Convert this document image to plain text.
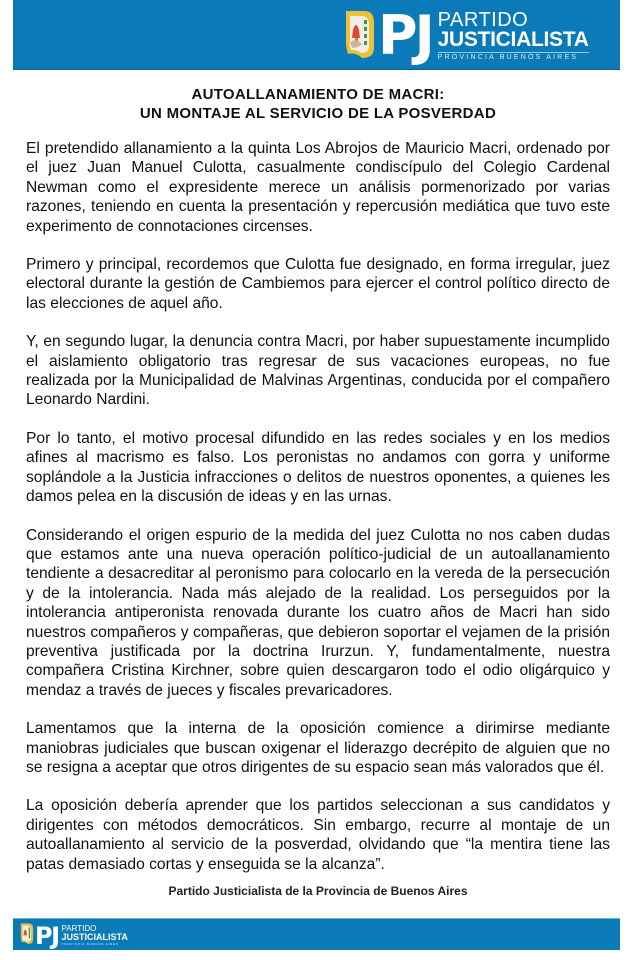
PJ PARTIDO
JUSTICIALISTA
PROVINCIA BUENOS AIRES
AUTOALLANAMIENTO DE MACRI:
UN MONTAJE AL SERVICIO DE LA POSVERDAD

El pretendido allanamiento a la quinta Los Abrojos de Mauricio Macri, ordenado por el juez Juan Manuel Culotta, casualmente condiscípulo del Colegio Cardenal Newman como el expresidente merece un análisis pormenorizado por varias razones, teniendo en cuenta la presentación y repercusión mediática que tuvo este experimento de connotaciones circenses.

Primero y principal, recordemos que Culotta fue designado, en forma irregular, juez electoral durante la gestión de Cambiemos para ejercer el control político directo de las elecciones de aquel año.

Y, en segundo lugar, la denuncia contra Macri, por haber supuestamente incumplido el aislamiento obligatorio tras regresar de sus vacaciones europeas, no fue realizada por la Municipalidad de Malvinas Argentinas, conducida por el compañero Leonardo Nardini.

Por lo tanto, el motivo procesal difundido en las redes sociales y en los medios afines al macrismo es falso. Los peronistas no andamos con gorra y uniforme soplándole a la Justicia infracciones o delitos de nuestros oponentes, a quienes les damos pelea en la discusión de ideas y en las urnas.

Considerando el origen espurio de la medida del juez Culotta no nos caben dudas que estamos ante una nueva operación político-judicial de un autoallanamiento tendiente a desacreditar al peronismo para colocarlo en la vereda de la persecución y de la intolerancia. Nada más alejado de la realidad. Los perseguidos por la intolerancia antiperonista renovada durante los cuatro años de Macri han sido nuestros compañeros y compañeras, que debieron soportar el vejamen de la prisión preventiva justificada por la doctrina Irurzun. Y, fundamentalmente, nuestra compañera Cristina Kirchner, sobre quien descargaron todo el odio oligárquico y mendaz a través de jueces y fiscales prevaricadores.

Lamentamos que la interna de la oposición comience a dirimirse mediante maniobras judiciales que buscan oxigenar el liderazgo decrépito de alguien que no se resigna a aceptar que otros dirigentes de su espacio sean más valorados que él.

La oposición debería aprender que los partidos seleccionan a sus candidatos y dirigentes con métodos democráticos. Sin embargo, recurre al montaje de un autoallanamiento al servicio de la posverdad, olvidando que “la mentira tiene las patas demasiado cortas y enseguida se la alcanza”.

Partido Justicialista de la Provincia de Buenos Aires
PJ PARTIDO
JUSTICIALISTA
PROVINCIA BUENOS AIRES
